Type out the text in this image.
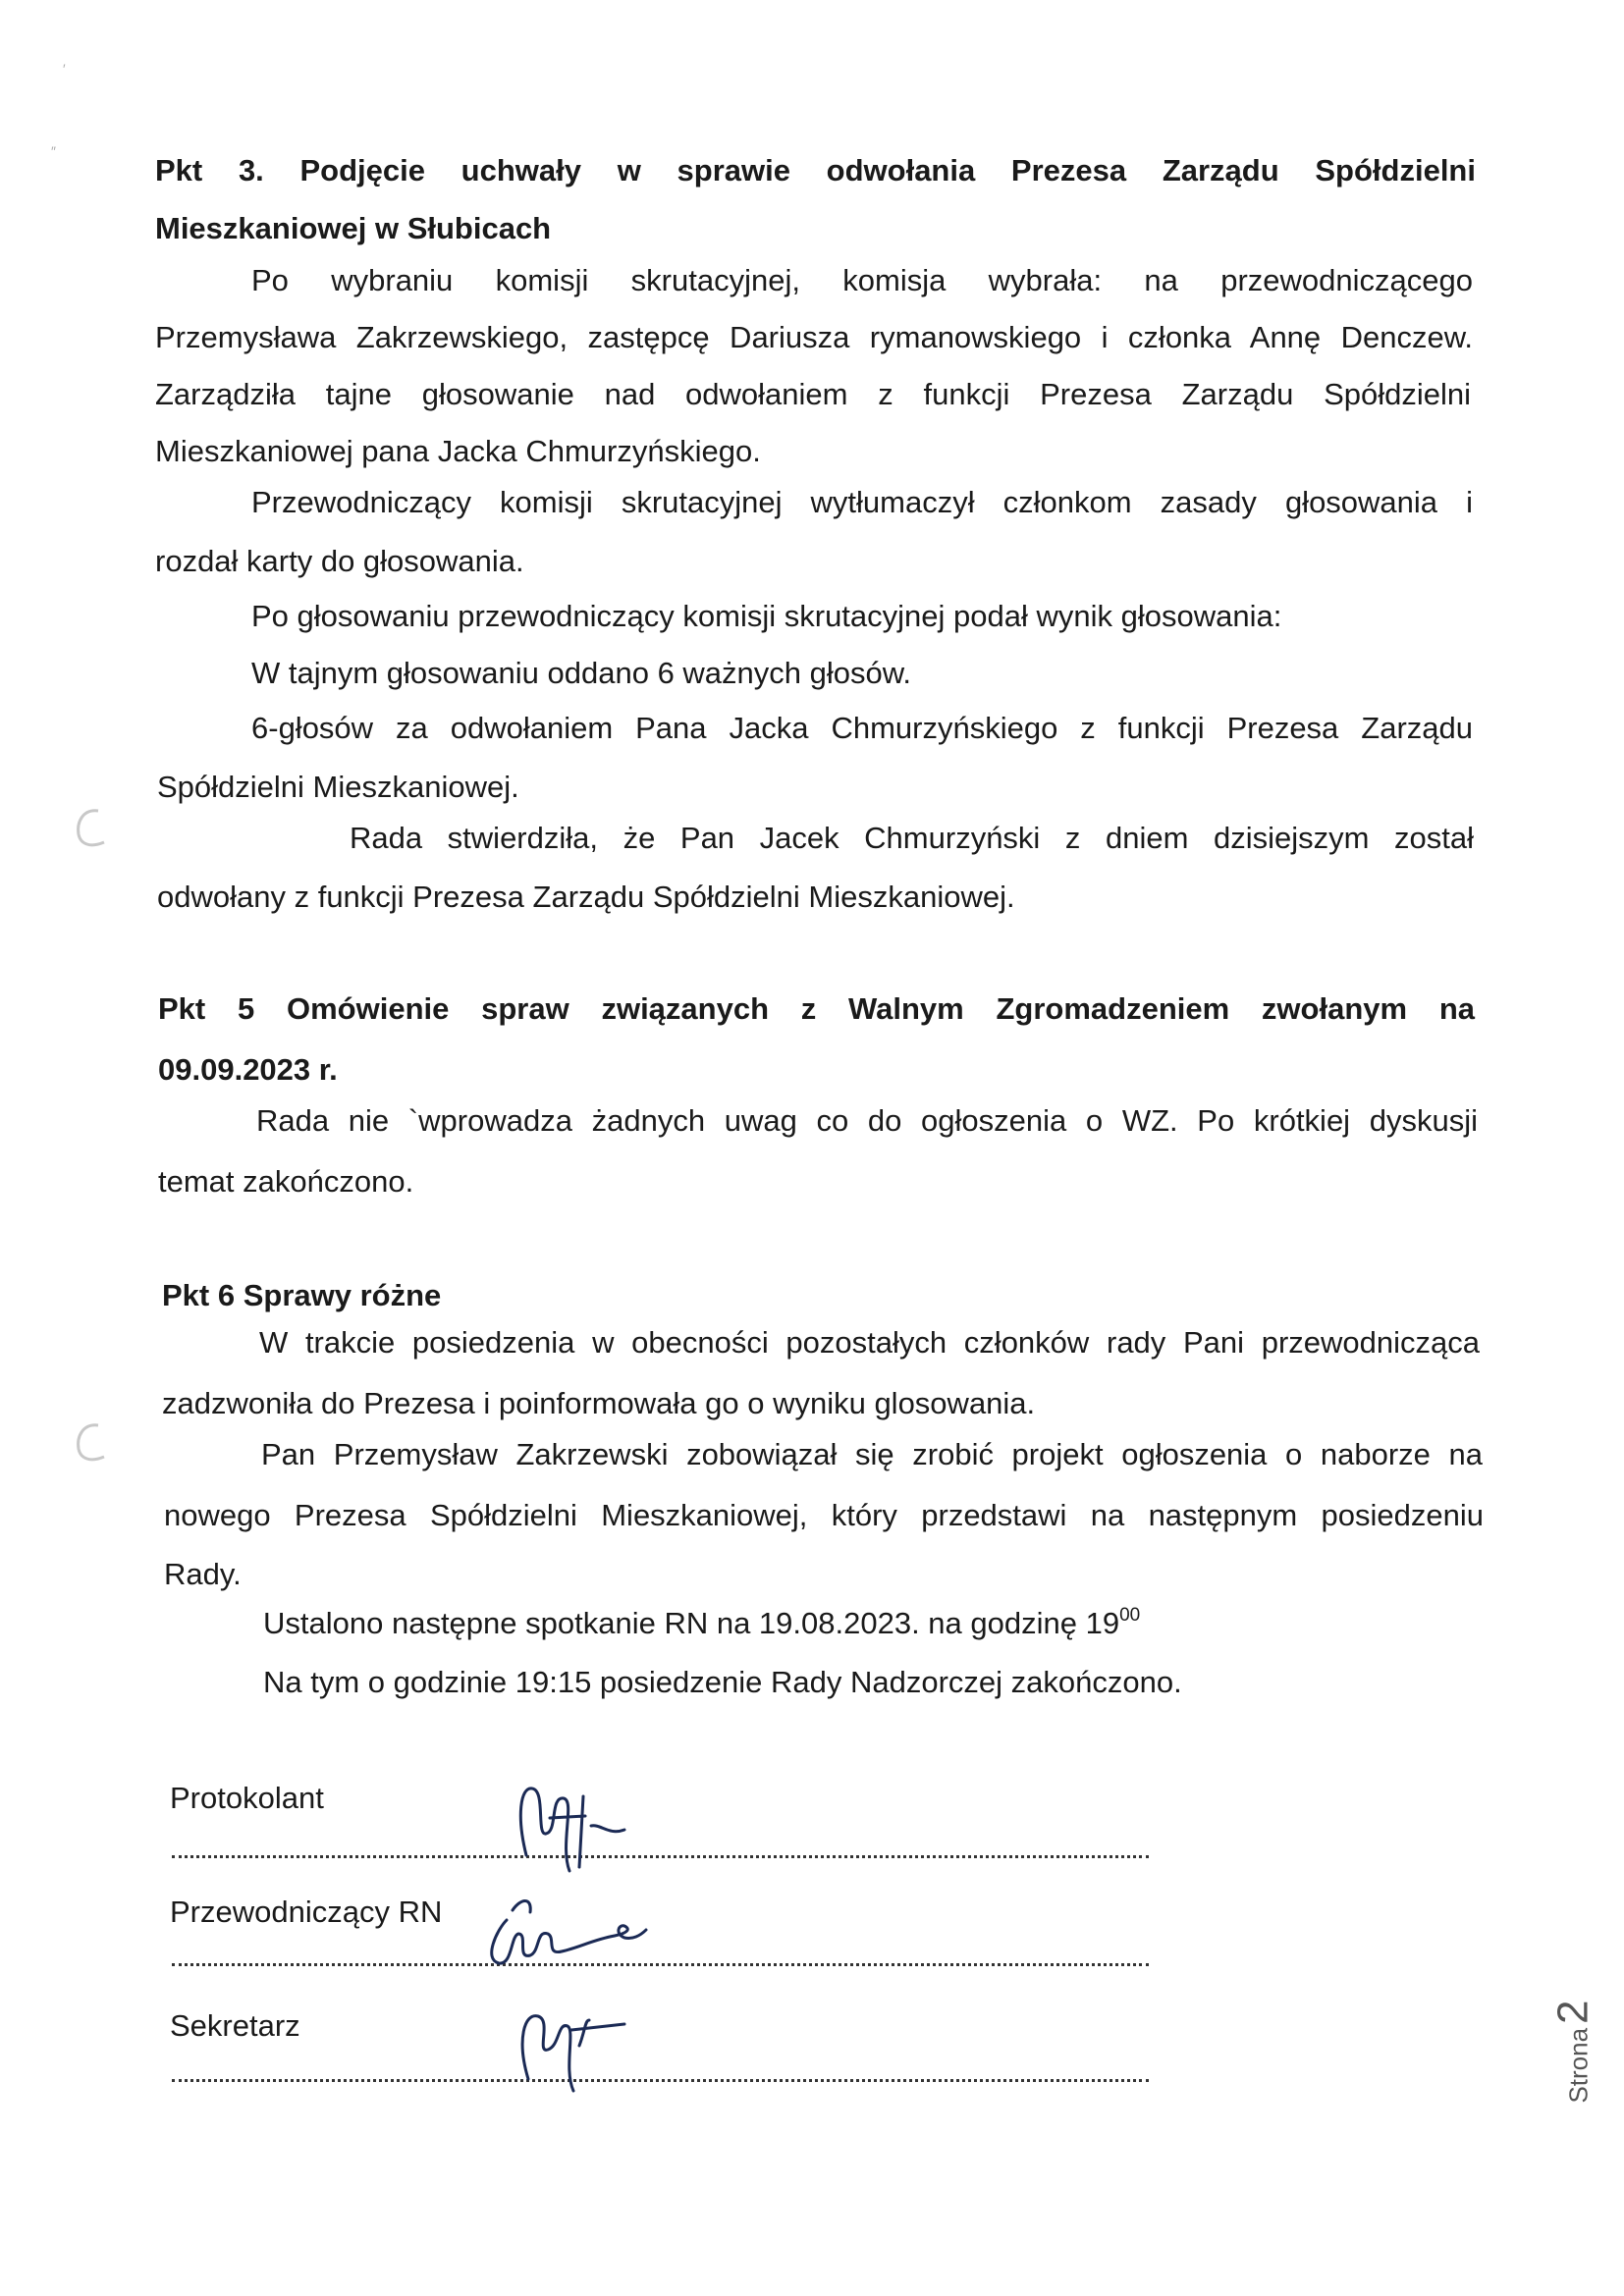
′
″
Pkt 3. Podjęcie uchwały w sprawie odwołania Prezesa Zarządu Spółdzielni
Mieszkaniowej w Słubicach
Po wybraniu komisji skrutacyjnej, komisja wybrała: na przewodniczącego
Przemysława Zakrzewskiego, zastępcę Dariusza rymanowskiego i członka Annę Denczew.
Zarządziła tajne głosowanie nad odwołaniem z funkcji Prezesa Zarządu Spółdzielni
Mieszkaniowej pana Jacka Chmurzyńskiego.
Przewodniczący komisji skrutacyjnej wytłumaczył członkom zasady głosowania i
rozdał karty do głosowania.
Po głosowaniu przewodniczący komisji skrutacyjnej podał wynik głosowania:
W tajnym głosowaniu oddano 6 ważnych głosów.
6-głosów za odwołaniem Pana Jacka Chmurzyńskiego z funkcji Prezesa Zarządu
Spółdzielni Mieszkaniowej.
Rada stwierdziła, że Pan Jacek Chmurzyński z dniem dzisiejszym został
odwołany z funkcji Prezesa Zarządu Spółdzielni Mieszkaniowej.
Pkt 5 Omówienie spraw związanych z Walnym Zgromadzeniem zwołanym na
09.09.2023 r.
Rada nie `wprowadza żadnych uwag co do ogłoszenia o WZ. Po krótkiej dyskusji
temat zakończono.
Pkt 6 Sprawy różne
W trakcie posiedzenia w obecności pozostałych członków rady Pani przewodnicząca
zadzwoniła do Prezesa i poinformowała go o wyniku glosowania.
Pan Przemysław Zakrzewski zobowiązał się zrobić projekt ogłoszenia o naborze na
nowego Prezesa Spółdzielni Mieszkaniowej, który przedstawi na następnym posiedzeniu
Rady.
Ustalono następne spotkanie RN na 19.08.2023. na godzinę $19^{00}$
Na tym o godzinie 19:15 posiedzenie Rady Nadzorczej zakończono.
Protokolant
Przewodniczący RN
Sekretarz
Strona2
